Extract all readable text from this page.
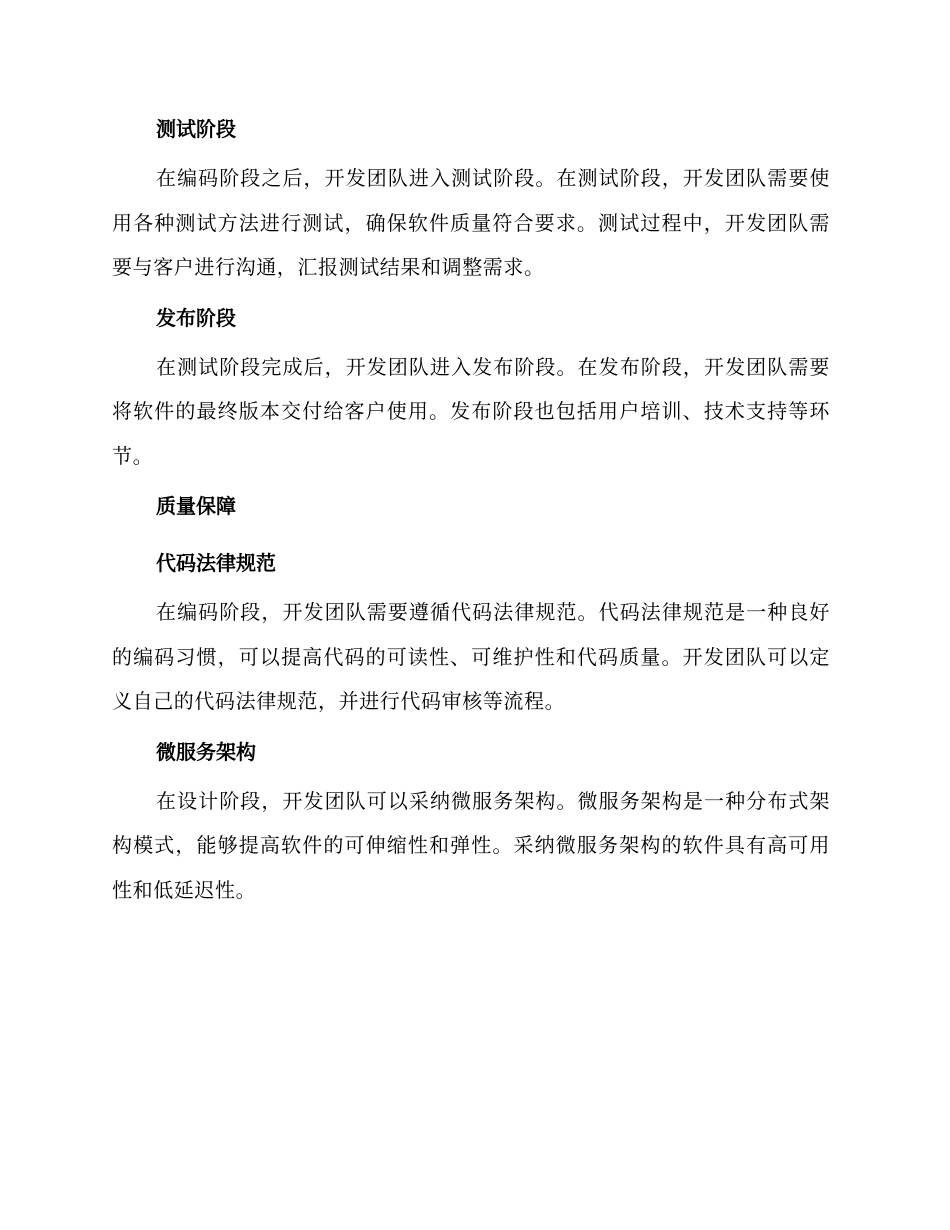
测试阶段

在编码阶段之后，开发团队进入测试阶段。在测试阶段，开发团队需要使用各种测试方法进行测试，确保软件质量符合要求。测试过程中，开发团队需要与客户进行沟通，汇报测试结果和调整需求。

发布阶段

在测试阶段完成后，开发团队进入发布阶段。在发布阶段，开发团队需要将软件的最终版本交付给客户使用。发布阶段也包括用户培训、技术支持等环节。

质量保障
代码法律规范

在编码阶段，开发团队需要遵循代码法律规范。代码法律规范是一种良好的编码习惯，可以提高代码的可读性、可维护性和代码质量。开发团队可以定义自己的代码法律规范，并进行代码审核等流程。

微服务架构

在设计阶段，开发团队可以采纳微服务架构。微服务架构是一种分布式架构模式，能够提高软件的可伸缩性和弹性。采纳微服务架构的软件具有高可用性和低延迟性。
